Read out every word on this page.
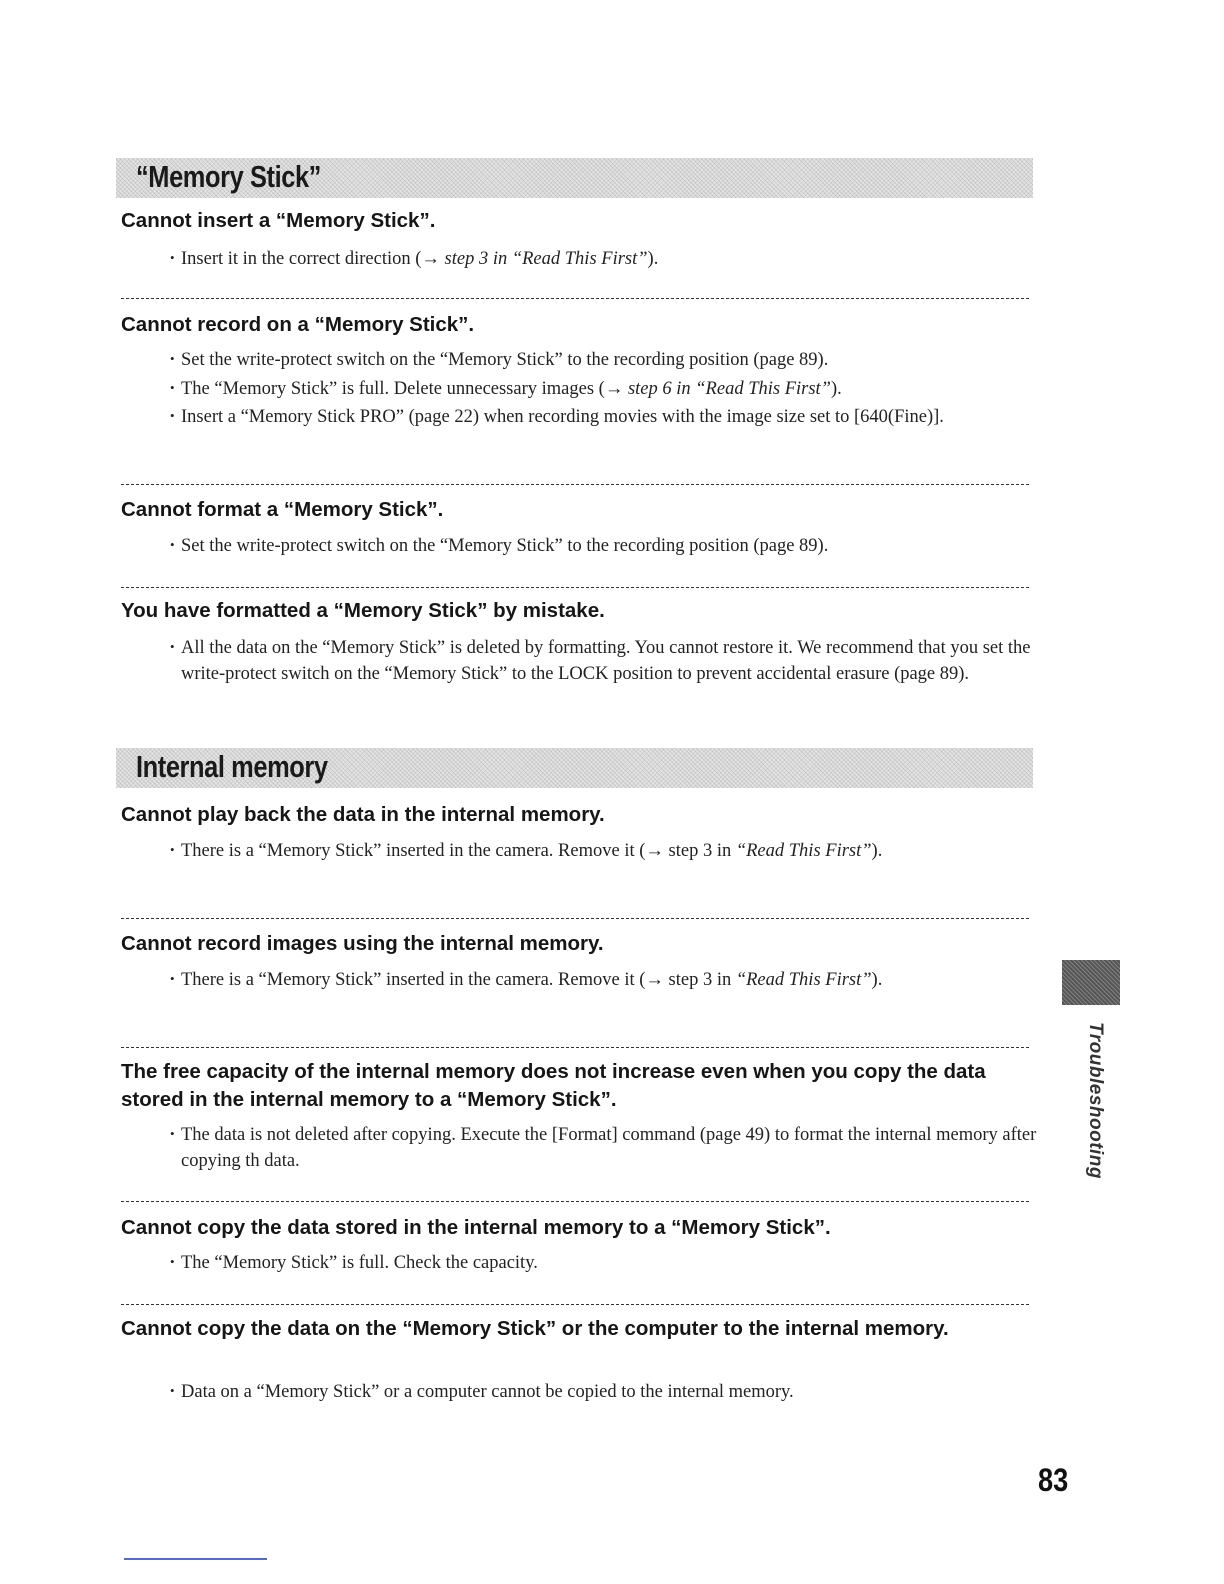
“Memory Stick”
Cannot insert a “Memory Stick”.
• Insert it in the correct direction (→ step 3 in “Read This First”).
Cannot record on a “Memory Stick”.
• Set the write-protect switch on the “Memory Stick” to the recording position (page 89).
• The “Memory Stick” is full. Delete unnecessary images (→ step 6 in “Read This First”).
• Insert a “Memory Stick PRO” (page 22) when recording movies with the image size set to [640(Fine)].
Cannot format a “Memory Stick”.
• Set the write-protect switch on the “Memory Stick” to the recording position (page 89).
You have formatted a “Memory Stick” by mistake.
• All the data on the “Memory Stick” is deleted by formatting. You cannot restore it. We recommend that you set the write-protect switch on the “Memory Stick” to the LOCK position to prevent accidental erasure (page 89).
Internal memory
Cannot play back the data in the internal memory.
• There is a “Memory Stick” inserted in the camera. Remove it (→ step 3 in “Read This First”).
Cannot record images using the internal memory.
• There is a “Memory Stick” inserted in the camera. Remove it (→ step 3 in “Read This First”).
The free capacity of the internal memory does not increase even when you copy the data stored in the internal memory to a “Memory Stick”.
• The data is not deleted after copying. Execute the [Format] command (page 49) to format the internal memory after copying th data.
Cannot copy the data stored in the internal memory to a “Memory Stick”.
• The “Memory Stick” is full. Check the capacity.
Cannot copy the data on the “Memory Stick” or the computer to the internal memory.
• Data on a “Memory Stick” or a computer cannot be copied to the internal memory.
Troubleshooting
83
